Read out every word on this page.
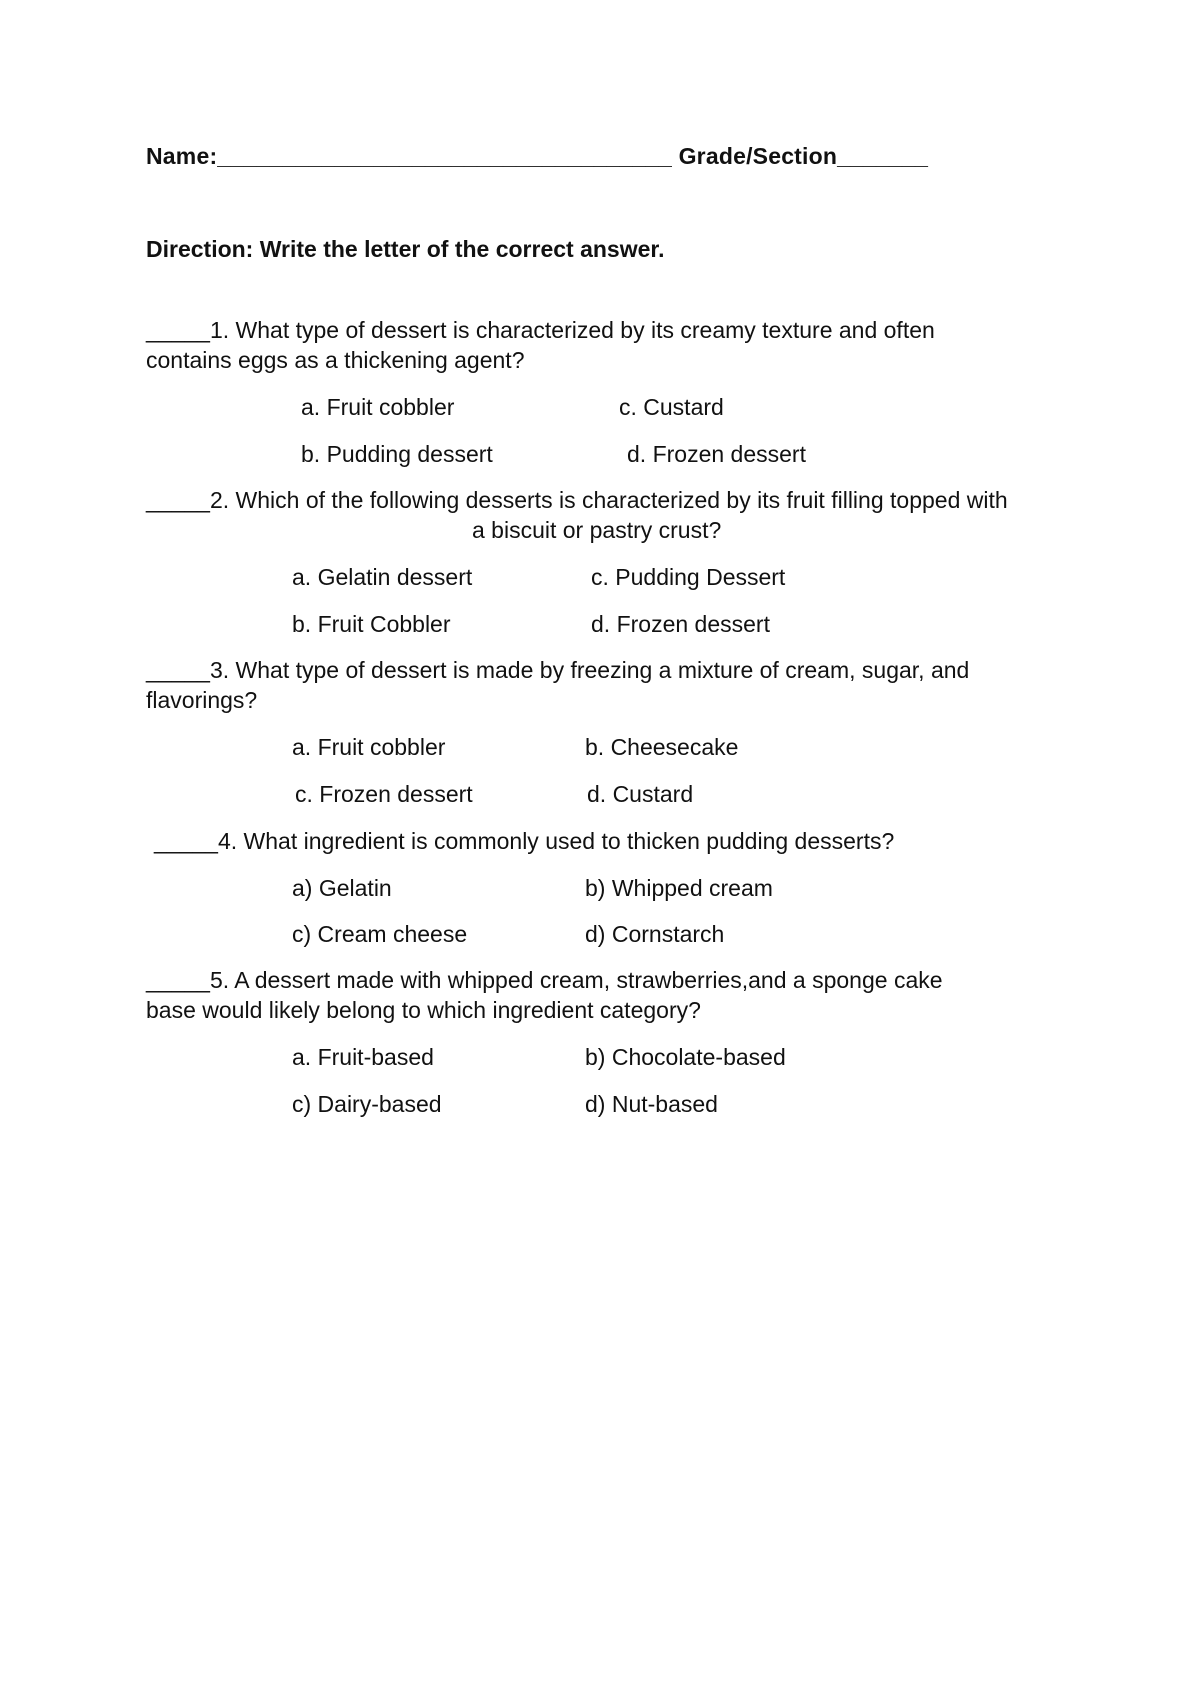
Name:___________________________________ Grade/Section_______
Direction: Write the letter of the correct answer.
_____1. What type of dessert is characterized by its creamy texture and often
contains eggs as a thickening agent?
a. Fruit cobbler	c. Custard
b. Pudding dessert	d. Frozen dessert
_____2. Which of the following desserts is characterized by its fruit filling topped with
a biscuit or pastry crust?
a. Gelatin dessert	c. Pudding Dessert
b. Fruit Cobbler	d. Frozen dessert
_____3. What type of dessert is made by freezing a mixture of cream, sugar, and
flavorings?
a. Fruit cobbler	b. Cheesecake
c. Frozen dessert	d. Custard
_____4. What ingredient is commonly used to thicken pudding desserts?
a) Gelatin	b) Whipped cream
c) Cream cheese	d) Cornstarch
_____5. A dessert made with whipped cream, strawberries,and a sponge cake
base would likely belong to which ingredient category?
a. Fruit-based	b) Chocolate-based
c) Dairy-based	d) Nut-based
